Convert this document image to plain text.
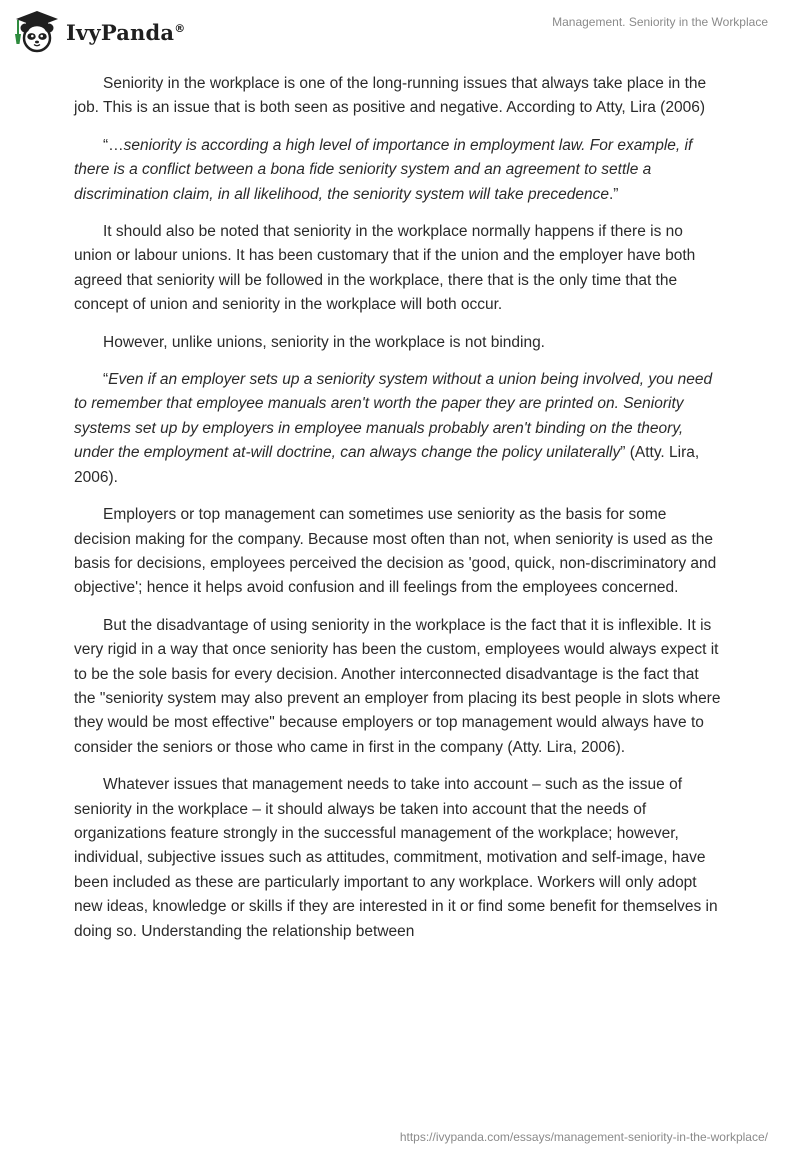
IvyPanda®	Management. Seniority in the Workplace

Seniority in the workplace is one of the long-running issues that always take place in the job. This is an issue that is both seen as positive and negative. According to Atty, Lira (2006)

“…seniority is according a high level of importance in employment law. For example, if there is a conflict between a bona fide seniority system and an agreement to settle a discrimination claim, in all likelihood, the seniority system will take precedence.”

It should also be noted that seniority in the workplace normally happens if there is no union or labour unions. It has been customary that if the union and the employer have both agreed that seniority will be followed in the workplace, there that is the only time that the concept of union and seniority in the workplace will both occur.

However, unlike unions, seniority in the workplace is not binding.

“Even if an employer sets up a seniority system without a union being involved, you need to remember that employee manuals aren't worth the paper they are printed on. Seniority systems set up by employers in employee manuals probably aren't binding on the theory, under the employment at-will doctrine, can always change the policy unilaterally” (Atty. Lira, 2006).

Employers or top management can sometimes use seniority as the basis for some decision making for the company. Because most often than not, when seniority is used as the basis for decisions, employees perceived the decision as 'good, quick, non-discriminatory and objective'; hence it helps avoid confusion and ill feelings from the employees concerned.

But the disadvantage of using seniority in the workplace is the fact that it is inflexible. It is very rigid in a way that once seniority has been the custom, employees would always expect it to be the sole basis for every decision. Another interconnected disadvantage is the fact that the "seniority system may also prevent an employer from placing its best people in slots where they would be most effective" because employers or top management would always have to consider the seniors or those who came in first in the company (Atty. Lira, 2006).

Whatever issues that management needs to take into account – such as the issue of seniority in the workplace – it should always be taken into account that the needs of organizations feature strongly in the successful management of the workplace; however, individual, subjective issues such as attitudes, commitment, motivation and self-image, have been included as these are particularly important to any workplace. Workers will only adopt new ideas, knowledge or skills if they are interested in it or find some benefit for themselves in doing so. Understanding the relationship between

https://ivypanda.com/essays/management-seniority-in-the-workplace/
